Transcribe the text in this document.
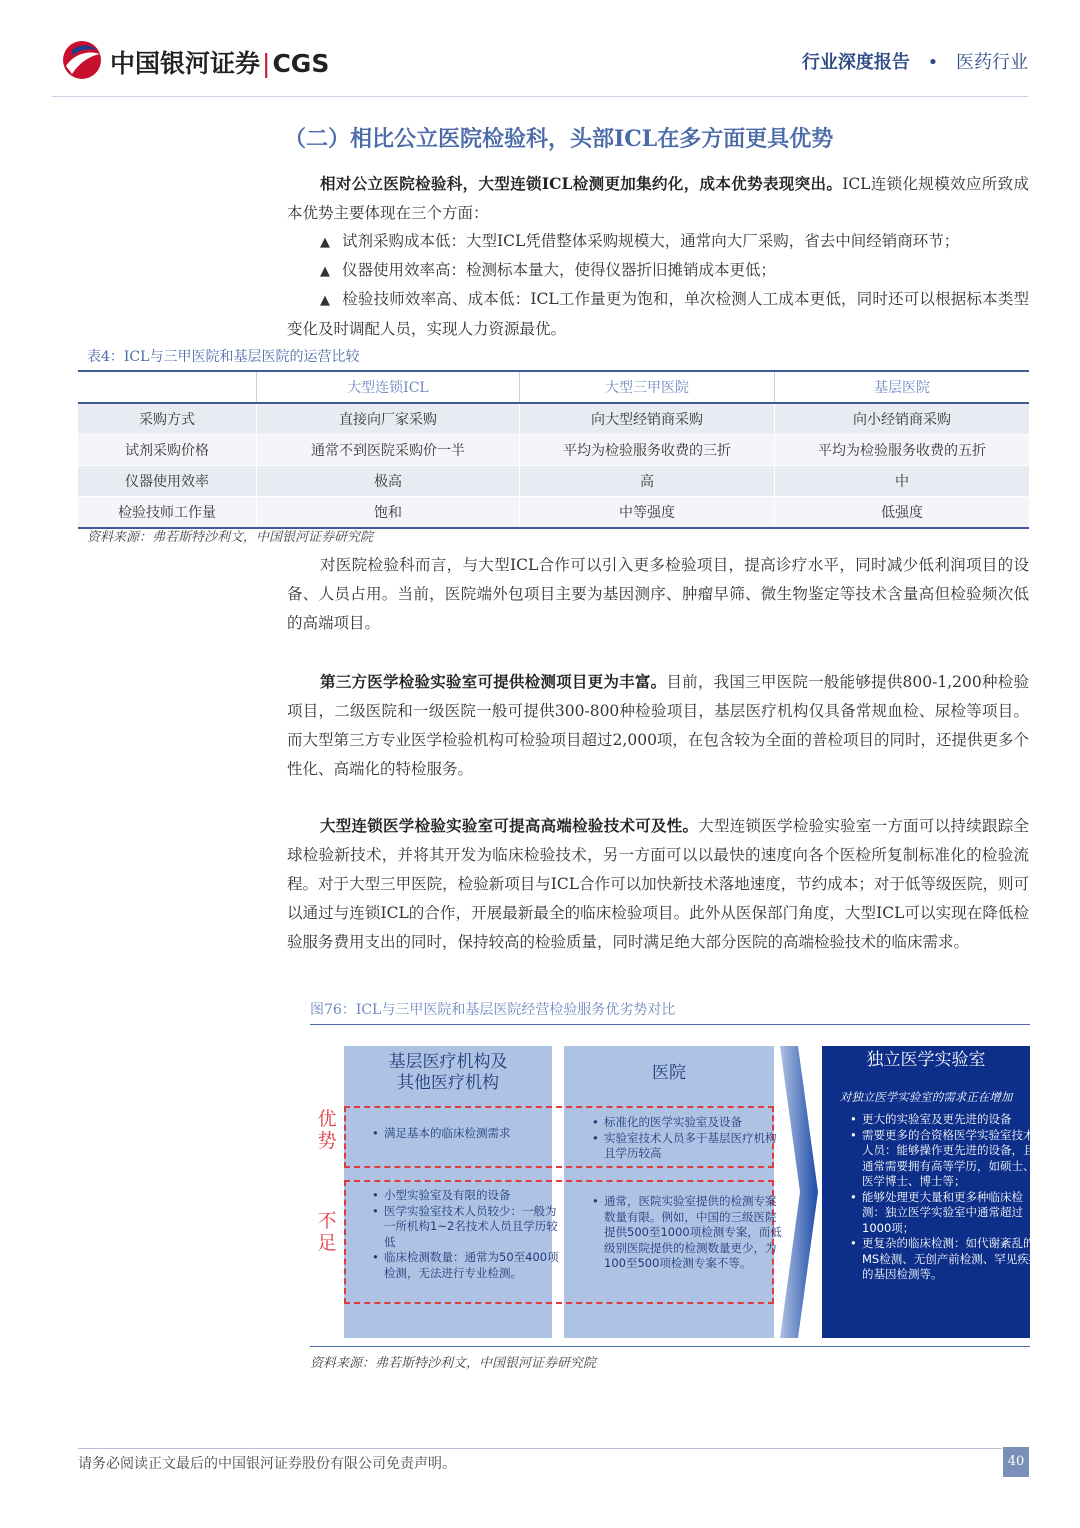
中国银河证券|CGS	行业深度报告 • 医药行业
（二）相比公立医院检验科，头部ICL在多方面更具优势
相对公立医院检验科，大型连锁ICL检测更加集约化，成本优势表现突出。ICL连锁化规模效应所致成本优势主要体现在三个方面：
▲ 试剂采购成本低：大型ICL凭借整体采购规模大，通常向大厂采购，省去中间经销商环节；
▲ 仪器使用效率高：检测标本量大，使得仪器折旧摊销成本更低；
▲ 检验技师效率高、成本低：ICL工作量更为饱和，单次检测人工成本更低，同时还可以根据标本类型变化及时调配人员，实现人力资源最优。
表4：ICL与三甲医院和基层医院的运营比较
	大型连锁ICL	大型三甲医院	基层医院
采购方式	直接向厂家采购	向大型经销商采购	向小经销商采购
试剂采购价格	通常不到医院采购价一半	平均为检验服务收费的三折	平均为检验服务收费的五折
仪器使用效率	极高	高	中
检验技师工作量	饱和	中等强度	低强度
资料来源：弗若斯特沙利文，中国银河证券研究院
对医院检验科而言，与大型ICL合作可以引入更多检验项目，提高诊疗水平，同时减少低利润项目的设备、人员占用。当前，医院端外包项目主要为基因测序、肿瘤早筛、微生物鉴定等技术含量高但检验频次低的高端项目。
第三方医学检验实验室可提供检测项目更为丰富。目前，我国三甲医院一般能够提供800-1,200种检验项目，二级医院和一级医院一般可提供300-800种检验项目，基层医疗机构仅具备常规血检、尿检等项目。而大型第三方专业医学检验机构可检验项目超过2,000项，在包含较为全面的普检项目的同时，还提供更多个性化、高端化的特检服务。
大型连锁医学检验实验室可提高高端检验技术可及性。大型连锁医学检验实验室一方面可以持续跟踪全球检验新技术，并将其开发为临床检验技术，另一方面可以以最快的速度向各个医检所复制标准化的检验流程。对于大型三甲医院，检验新项目与ICL合作可以加快新技术落地速度，节约成本；对于低等级医院，则可以通过与连锁ICL的合作，开展最新最全的临床检验项目。此外从医保部门角度，大型ICL可以实现在降低检验服务费用支出的同时，保持较高的检验质量，同时满足绝大部分医院的高端检验技术的临床需求。
图76：ICL与三甲医院和基层医院经营检验服务优劣势对比
优势
不足
基层医疗机构及
其他医疗机构	医院
• 满足基本的临床检测需求
• 小型实验室及有限的设备
• 医学实验室技术人员较少：一般为一所机构1~2名技术人员且学历较低
• 临床检测数量：通常为50至400项检测，无法进行专业检测。
• 标准化的医学实验室及设备
• 实验室技术人员多于基层医疗机构且学历较高
• 通常，医院实验室提供的检测专案数量有限。例如，中国的三级医院提供500至1000项检测专案，而低级别医院提供的检测数量更少，为100至500项检测专案不等。
独立医学实验室
对独立医学实验室的需求正在增加
• 更大的实验室及更先进的设备
• 需要更多的合资格医学实验室技术人员：能够操作更先进的设备，且通常需要拥有高等学历，如硕士、医学博士、博士等；
• 能够处理更大量和更多种临床检测：独立医学实验室中通常超过1000项；
• 更复杂的临床检测：如代谢紊乱的MS检测、无创产前检测、罕见疾病的基因检测等。
资料来源：弗若斯特沙利文，中国银河证券研究院
请务必阅读正文最后的中国银河证券股份有限公司免责声明。	40
